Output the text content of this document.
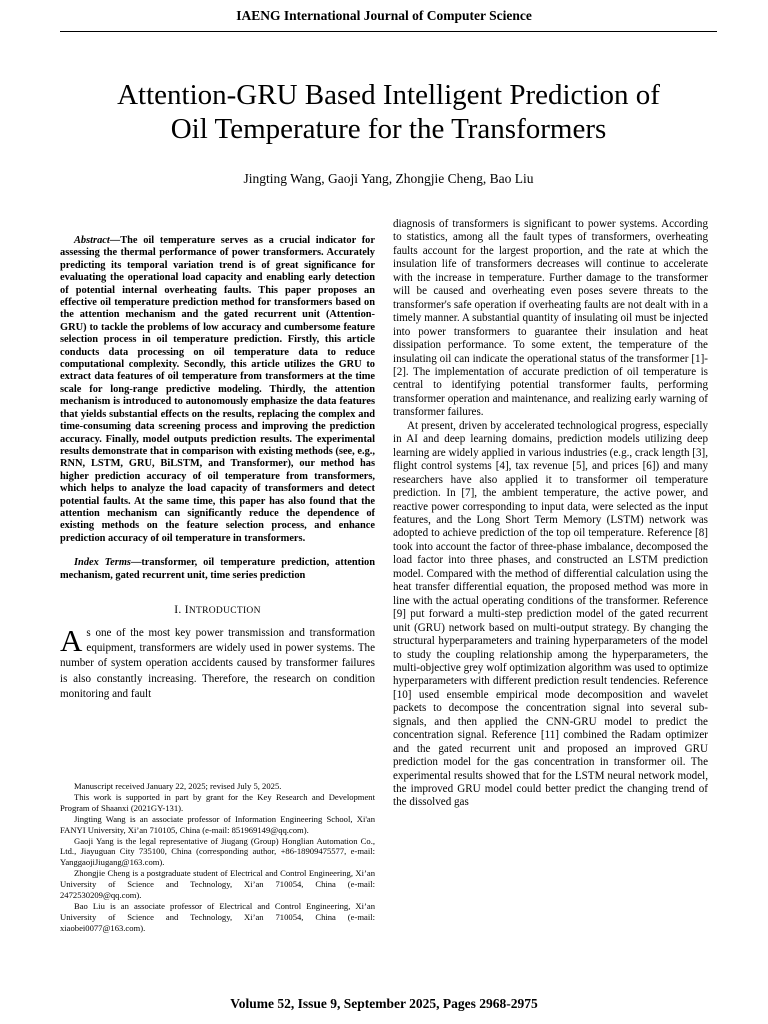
IAENG International Journal of Computer Science
Attention-GRU Based Intelligent Prediction of
Oil Temperature for the Transformers
Jingting Wang, Gaoji Yang, Zhongjie Cheng, Bao Liu

Abstract—The oil temperature serves as a crucial indicator for assessing the thermal performance of power transformers. Accurately predicting its temporal variation trend is of great significance for evaluating the operational load capacity and enabling early detection of potential internal overheating faults. This paper proposes an effective oil temperature prediction method for transformers based on the attention mechanism and the gated recurrent unit (Attention-GRU) to tackle the problems of low accuracy and cumbersome feature selection process in oil temperature prediction. Firstly, this article conducts data processing on oil temperature data to reduce computational complexity. Secondly, this article utilizes the GRU to extract data features of oil temperature from transformers at the time scale for long-range predictive modeling. Thirdly, the attention mechanism is introduced to autonomously emphasize the data features that yields substantial effects on the results, replacing the complex and time-consuming data screening process and improving the prediction accuracy. Finally, model outputs prediction results. The experimental results demonstrate that in comparison with existing methods (see, e.g., RNN, LSTM, GRU, BiLSTM, and Transformer), our method has higher prediction accuracy of oil temperature from transformers, which helps to analyze the load capacity of transformers and detect potential faults. At the same time, this paper has also found that the attention mechanism can significantly reduce the dependence of existing methods on the feature selection process, and enhance prediction accuracy of oil temperature in transformers.

Index Terms—transformer, oil temperature prediction, attention mechanism, gated recurrent unit, time series prediction

I. INTRODUCTION

As one of the most key power transmission and transformation equipment, transformers are widely used in power systems. The number of system operation accidents caused by transformer failures is also constantly increasing. Therefore, the research on condition monitoring and fault

Manuscript received January 22, 2025; revised July 5, 2025.

This work is supported in part by grant for the Key Research and Development Program of Shaanxi (2021GY-131).

Jingting Wang is an associate professor of Information Engineering School, Xi'an FANYI University, Xi’an 710105, China (e-mail: 851969149@qq.com).

Gaoji Yang is the legal representative of Jiugang (Group) Honglian Automation Co., Ltd., Jiayuguan City 735100, China (corresponding author, +86-18909475577, e-mail: YanggaojiJiugang@163.com).

Zhongjie Cheng is a postgraduate student of Electrical and Control Engineering, Xi’an University of Science and Technology, Xi’an 710054, China (e-mail: 2472530209@qq.com).

Bao Liu is an associate professor of Electrical and Control Engineering, Xi’an University of Science and Technology, Xi’an 710054, China (e-mail: xiaobei0077@163.com).

diagnosis of transformers is significant to power systems. According to statistics, among all the fault types of transformers, overheating faults account for the largest proportion, and the rate at which the insulation life of transformers decreases will continue to accelerate with the increase in temperature. Further damage to the transformer will be caused and overheating even poses severe threats to the transformer's safe operation if overheating faults are not dealt with in a timely manner. A substantial quantity of insulating oil must be injected into power transformers to guarantee their insulation and heat dissipation performance. To some extent, the temperature of the insulating oil can indicate the operational status of the transformer [1]-[2]. The implementation of accurate prediction of oil temperature is central to identifying potential transformer faults, performing transformer operation and maintenance, and realizing early warning of transformer failures.

At present, driven by accelerated technological progress, especially in AI and deep learning domains, prediction models utilizing deep learning are widely applied in various industries (e.g., crack length [3], flight control systems [4], tax revenue [5], and prices [6]) and many researchers have also applied it to transformer oil temperature prediction. In [7], the ambient temperature, the active power, and reactive power corresponding to input data, were selected as the input features, and the Long Short Term Memory (LSTM) network was adopted to achieve prediction of the top oil temperature. Reference [8] took into account the factor of three-phase imbalance, decomposed the load factor into three phases, and constructed an LSTM prediction model. Compared with the method of differential calculation using the heat transfer differential equation, the proposed method was more in line with the actual operating conditions of the transformer. Reference [9] put forward a multi-step prediction model of the gated recurrent unit (GRU) network based on multi-output strategy. By changing the structural hyperparameters and training hyperparameters of the model to study the coupling relationship among the hyperparameters, the multi-objective grey wolf optimization algorithm was used to optimize hyperparameters with different prediction result tendencies. Reference [10] used ensemble empirical mode decomposition and wavelet packets to decompose the concentration signal into several sub-signals, and then applied the CNN-GRU model to predict the concentration signal. Reference [11] combined the Radam optimizer and the gated recurrent unit and proposed an improved GRU prediction model for the gas concentration in transformer oil. The experimental results showed that for the LSTM neural network model, the improved GRU model could better predict the changing trend of the dissolved gas

Volume 52, Issue 9, September 2025, Pages 2968-2975
